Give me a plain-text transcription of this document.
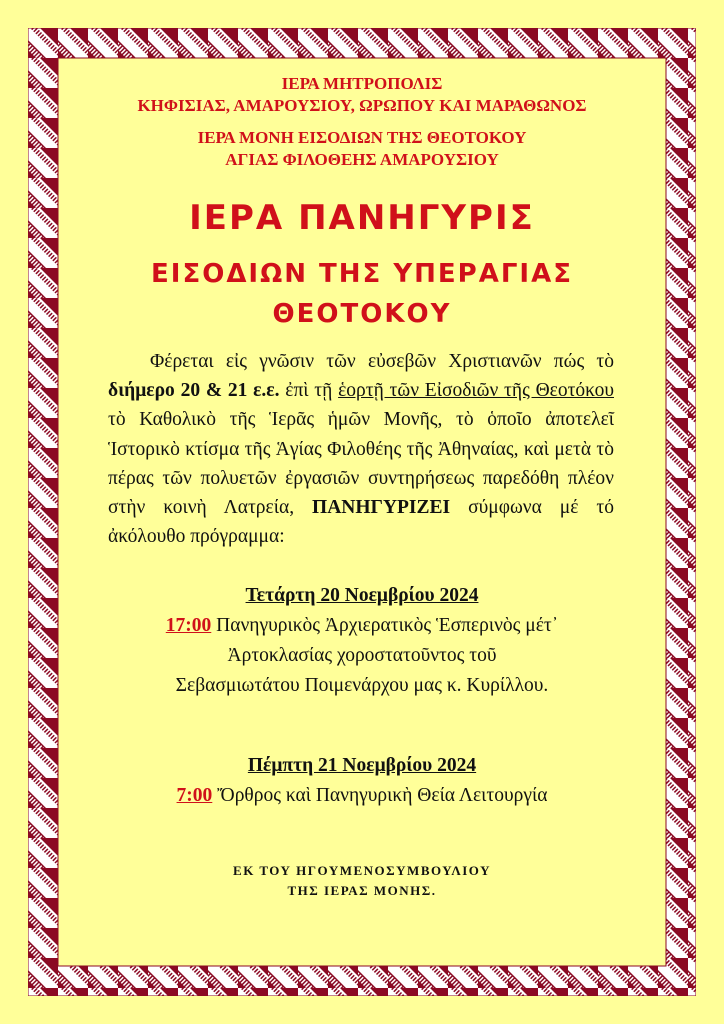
ΙΕΡΑ ΜΗΤΡΟΠΟΛΙΣ
ΚΗΦΙΣΙΑΣ, ΑΜΑΡΟΥΣΙΟΥ, ΩΡΩΠΟΥ ΚΑΙ ΜΑΡΑΘΩΝΟΣ
ΙΕΡΑ ΜΟΝΗ ΕΙΣΟΔΙΩΝ ΤΗΣ ΘΕΟΤΟΚΟΥ
ΑΓΙΑΣ ΦΙΛΟΘΕΗΣ ΑΜΑΡΟΥΣΙΟΥ
ΙΕΡΑ ΠΑΝΗΓΥΡΙΣ
ΕΙΣΟΔΙΩΝ ΤΗΣ ΥΠΕΡΑΓΙΑΣ
ΘΕΟΤΟΚΟΥ

Φέρεται εἰς γνῶσιν τῶν εὐσεβῶν Χριστιανῶν πώς τὸ διήμερο 20 & 21 ε.ε. ἐπὶ τῇ ἑορτῇ τῶν Εἰσοδιῶν τῆς Θεοτόκου τὸ Καθολικὸ τῆς Ἱερᾶς ἡμῶν Μονῆς, τὸ ὁποῖο ἀποτελεῖ Ἱστορικὸ κτίσμα τῆς Ἁγίας Φιλοθέης τῆς Ἀθηναίας, καὶ μετὰ τὸ πέρας τῶν πολυετῶν ἐργασιῶν συντηρήσεως παρεδόθη πλέον στὴν κοινὴ Λατρεία, ΠΑΝΗΓΥΡΙΖΕΙ σύμφωνα μέ τό ἀκόλουθο πρόγραμμα:

Τετάρτη 20 Νοεμβρίου 2024
17:00 Πανηγυρικὸς Ἀρχιερατικὸς Ἑσπερινὸς μέτ᾽
Ἀρτοκλασίας χοροστατοῦντος τοῦ
Σεβασμιωτάτου Ποιμενάρχου μας κ. Κυρίλλου.
Πέμπτη 21 Νοεμβρίου 2024
7:00 Ὄρθρος καὶ Πανηγυρικὴ Θεία Λειτουργία
ΕΚ ΤΟΥ ΗΓΟΥΜΕΝΟΣΥΜΒΟΥΛΙΟΥ
ΤΗΣ ΙΕΡΑΣ ΜΟΝΗΣ.
